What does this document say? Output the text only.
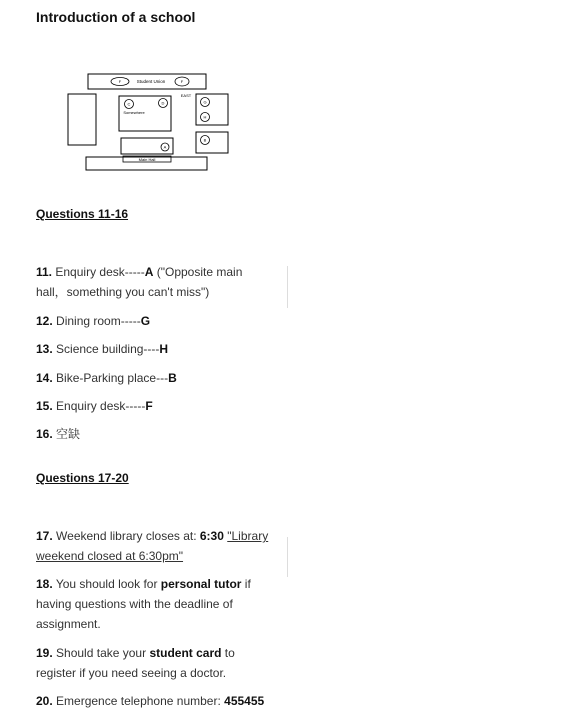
Introduction of a school
F	Student Union	F
EAST
C	D
Somewhere
G
H
B
A
Main Hall
Questions 11-16
11. Enquiry desk-----A ("Opposite main hall，something you can't miss")
12. Dining room-----G
13. Science building----H
14. Bike-Parking place---B
15. Enquiry desk-----F
16. 空缺
Questions 17-20
17. Weekend library closes at: 6:30 "Library weekend closed at 6:30pm"
18. You should look for personal tutor if having questions with the deadline of assignment.
19. Should take your student card to register if you need seeing a doctor.
20. Emergence telephone number: 455455
